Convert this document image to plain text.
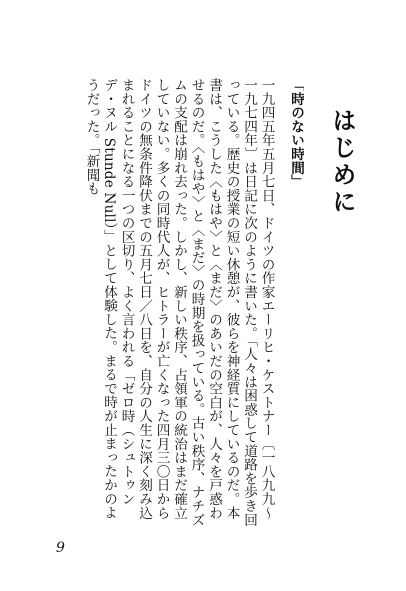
はじめに
「時のない時間」

一九四五年五月七日、ドイツの作家エーリヒ・ケストナー〔一八九九〜一九七四年〕は日記に次のように書いた。「人々は困惑して道路を歩き回っている。歴史の授業の短い休憩が、彼らを神経質にしているのだ。本書は、こうした〈もはや〉と〈まだ〉のあいだの空白が、人々を戸惑わせるのだ。〈もはや〉と〈まだ〉の時期を扱っている。古い秩序、ナチズムの支配は崩れ去った。しかし、新しい秩序、占領軍の統治はまだ確立していない。多くの同時代人が、ヒトラーが亡くなった四月三〇日からドイツの無条件降伏までの五月七日／八日を、自分の人生に深く刻み込まれることになる一つの区切り、よく言われる「ゼロ時（シュトゥンデ・ヌル Stunde Null）」として体験した。まるで時が止まったかのようだった。「新聞も

9
